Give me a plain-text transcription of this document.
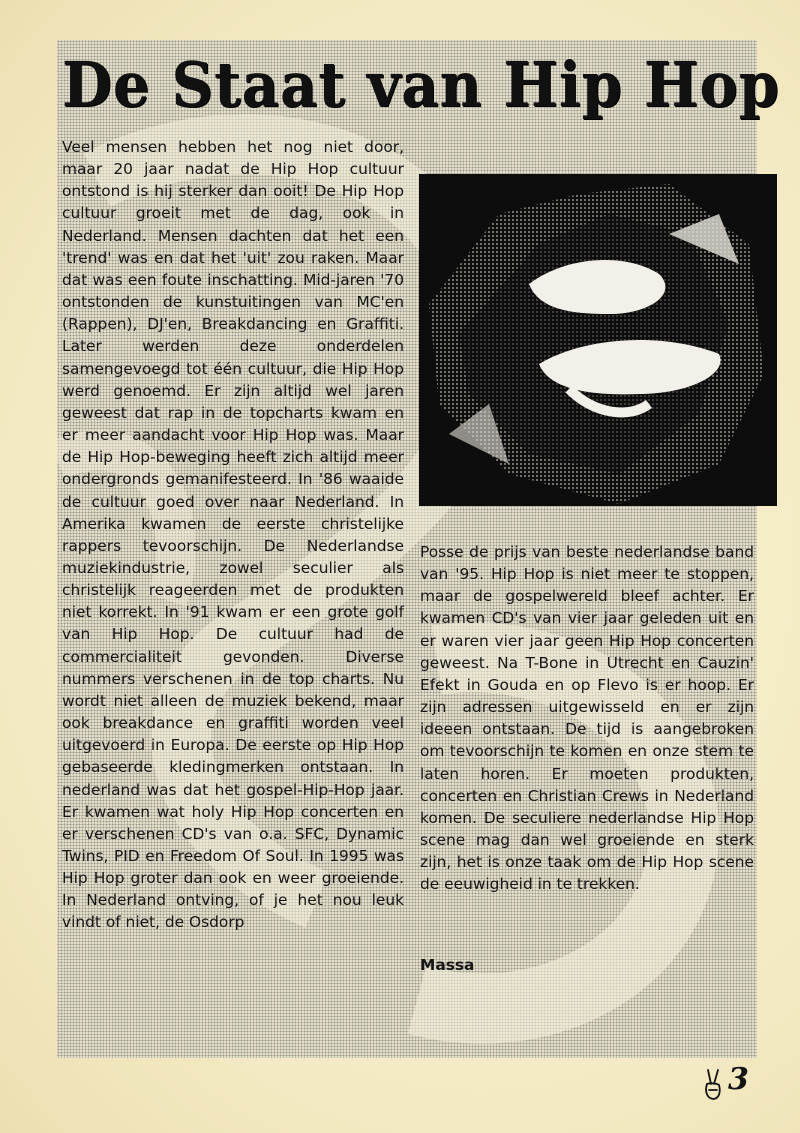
De Staat van Hip Hop

Veel mensen hebben het nog niet door, maar 20 jaar nadat de Hip Hop cultuur ontstond is hij sterker dan ooit! De Hip Hop cultuur groeit met de dag, ook in Nederland. Mensen dachten dat het een 'trend' was en dat het 'uit' zou raken. Maar dat was een foute inschatting. Mid-jaren '70 ontstonden de kunstuitingen van MC'en (Rappen), DJ'en, Breakdancing en Graffiti. Later werden deze onderdelen samengevoegd tot één cultuur, die Hip Hop werd genoemd. Er zijn altijd wel jaren geweest dat rap in de topcharts kwam en er meer aandacht voor Hip Hop was. Maar de Hip Hop-beweging heeft zich altijd meer ondergronds gemanifesteerd. In '86 waaide de cultuur goed over naar Nederland. In Amerika kwamen de eerste christelijke rappers tevoorschijn. De Nederlandse muziekindustrie, zowel seculier als christelijk reageerden met de produkten niet korrekt. In '91 kwam er een grote golf van Hip Hop. De cultuur had de commercialiteit gevonden. Diverse nummers verschenen in de top charts. Nu wordt niet alleen de muziek bekend, maar ook breakdance en graffiti worden veel uitgevoerd in Europa. De eerste op Hip Hop gebaseerde kledingmerken ontstaan. In nederland was dat het gospel-Hip-Hop jaar. Er kwamen wat holy Hip Hop concerten en er verschenen CD's van o.a. SFC, Dynamic Twins, PID en Freedom Of Soul. In 1995 was Hip Hop groter dan ook en weer groeiende. In Nederland ontving, of je het nou leuk vindt of niet, de Osdorp

Posse de prijs van beste nederlandse band van '95. Hip Hop is niet meer te stoppen, maar de gospelwereld bleef achter. Er kwamen CD's van vier jaar geleden uit en er waren vier jaar geen Hip Hop concerten geweest. Na T-Bone in Utrecht en Cauzin' Efekt in Gouda en op Flevo is er hoop. Er zijn adressen uitgewisseld en er zijn ideeen ontstaan. De tijd is aangebroken om tevoorschijn te komen en onze stem te laten horen. Er moeten produkten, concerten en Christian Crews in Nederland komen. De seculiere nederlandse Hip Hop scene mag dan wel groeiende en sterk zijn, het is onze taak om de Hip Hop scene de eeuwigheid in te trekken.

Massa
3
